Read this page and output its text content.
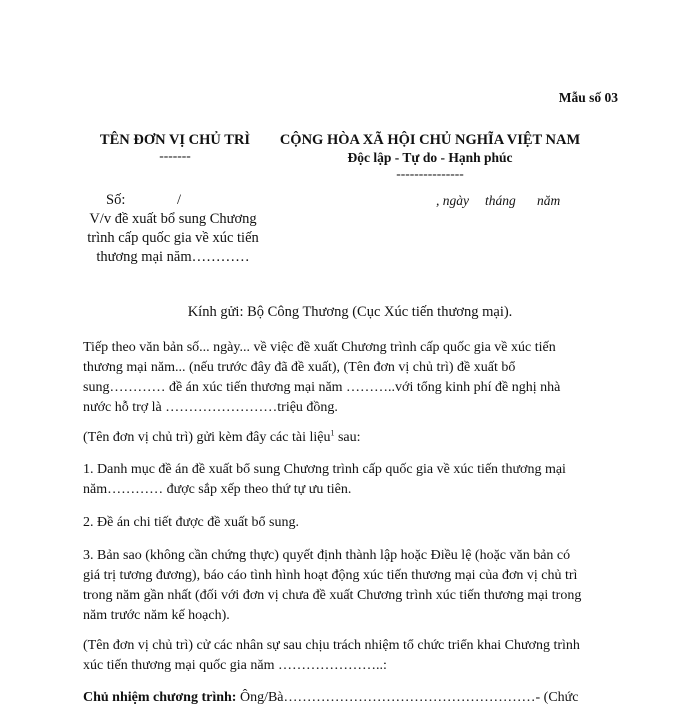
Mẫu số 03
TÊN ĐƠN VỊ CHỦ TRÌ
-------
CỘNG HÒA XÃ HỘI CHỦ NGHĨA VIỆT NAM
Độc lập - Tự do - Hạnh phúc
---------------
Số:	/	, ngày tháng năm
V/v đề xuất bổ sung Chương
trình cấp quốc gia về xúc tiến
thương mại năm…………
Kính gửi: Bộ Công Thương (Cục Xúc tiến thương mại).
Tiếp theo văn bản số... ngày... về việc đề xuất Chương trình cấp quốc gia về xúc tiến
thương mại năm... (nếu trước đây đã đề xuất), (Tên đơn vị chủ trì) đề xuất bổ
sung………… đề án xúc tiến thương mại năm ………..với tổng kinh phí đề nghị nhà
nước hỗ trợ là ……………………triệu đồng.
(Tên đơn vị chủ trì) gửi kèm đây các tài liệu$^1$ sau:
1. Danh mục đề án đề xuất bổ sung Chương trình cấp quốc gia về xúc tiến thương mại
năm………… được sắp xếp theo thứ tự ưu tiên.
2. Đề án chi tiết được đề xuất bổ sung.
3. Bản sao (không cần chứng thực) quyết định thành lập hoặc Điều lệ (hoặc văn bản có
giá trị tương đương), báo cáo tình hình hoạt động xúc tiến thương mại của đơn vị chủ trì
trong năm gần nhất (đối với đơn vị chưa đề xuất Chương trình xúc tiến thương mại trong
năm trước năm kế hoạch).
(Tên đơn vị chủ trì) cử các nhân sự sau chịu trách nhiệm tổ chức triển khai Chương trình
xúc tiến thương mại quốc gia năm …………………..:
Chủ nhiệm chương trình: Ông/Bà………………………………………………- (Chức
